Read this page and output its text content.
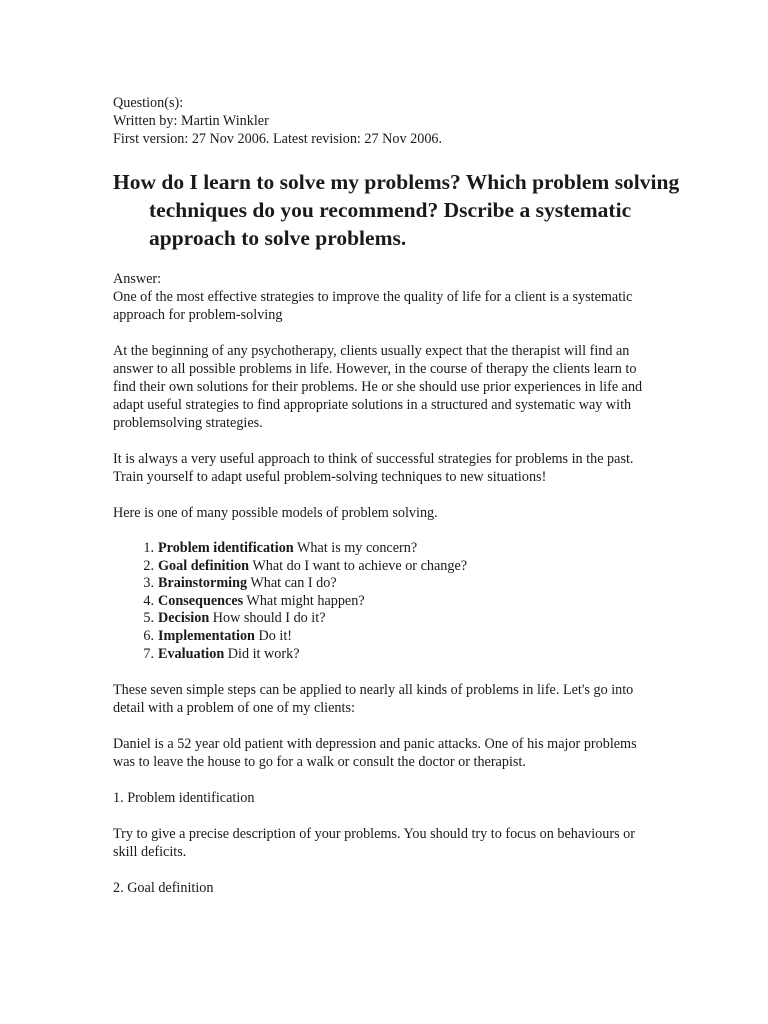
Question(s):

Written by: Martin Winkler

First version: 27 Nov 2006. Latest revision: 27 Nov 2006.

How do I learn to solve my problems? Which problem solving techniques do you recommend? Dscribe a systematic approach to solve problems.

Answer:

One of the most effective strategies to improve the quality of life for a client is a systematic approach for problem-solving

At the beginning of any psychotherapy, clients usually expect that the therapist will find an answer to all possible problems in life. However, in the course of therapy the clients learn to find their own solutions for their problems. He or she should use prior experiences in life and adapt useful strategies to find appropriate solutions in a structured and systematic way with problemsolving strategies.

It is always a very useful approach to think of successful strategies for problems in the past. Train yourself to adapt useful problem-solving techniques to new situations!

Here is one of many possible models of problem solving.

1. Problem identification What is my concern?
2. Goal definition What do I want to achieve or change?
3. Brainstorming What can I do?
4. Consequences What might happen?
5. Decision How should I do it?
6. Implementation Do it!
7. Evaluation Did it work?

These seven simple steps can be applied to nearly all kinds of problems in life. Let's go into detail with a problem of one of my clients:

Daniel is a 52 year old patient with depression and panic attacks. One of his major problems was to leave the house to go for a walk or consult the doctor or therapist.

1. Problem identification

Try to give a precise description of your problems. You should try to focus on behaviours or skill deficits.

2. Goal definition
